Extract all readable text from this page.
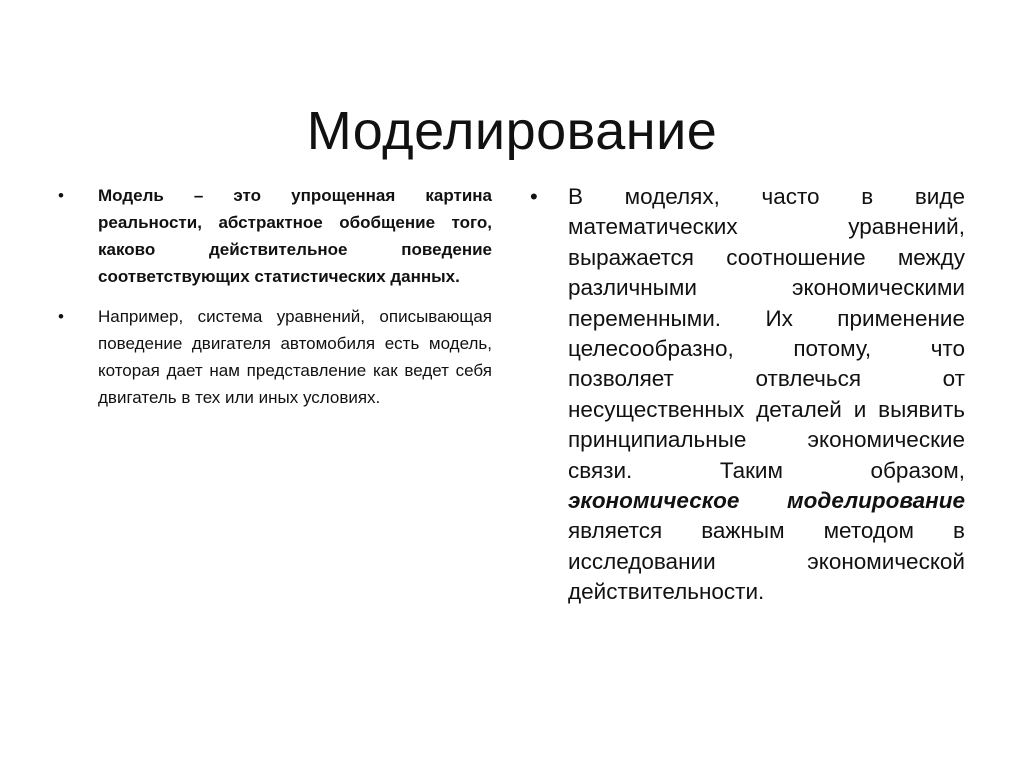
Моделирование
• Модель – это упрощенная картина реальности, абстрактное обобщение того, каково действительное поведение соответствующих статистических данных.
• Например, система уравнений, описывающая поведение двигателя автомобиля есть модель, которая дает нам представление как ведет себя двигатель в тех или иных условиях.
• В моделях, часто в виде математических уравнений, выражается соотношение между различными экономическими переменными. Их применение целесообразно, потому, что позволяет отвлечься от несущественных деталей и выявить принципиальные экономические связи. Таким образом, экономическое моделирование является важным методом в исследовании экономической действительности.
